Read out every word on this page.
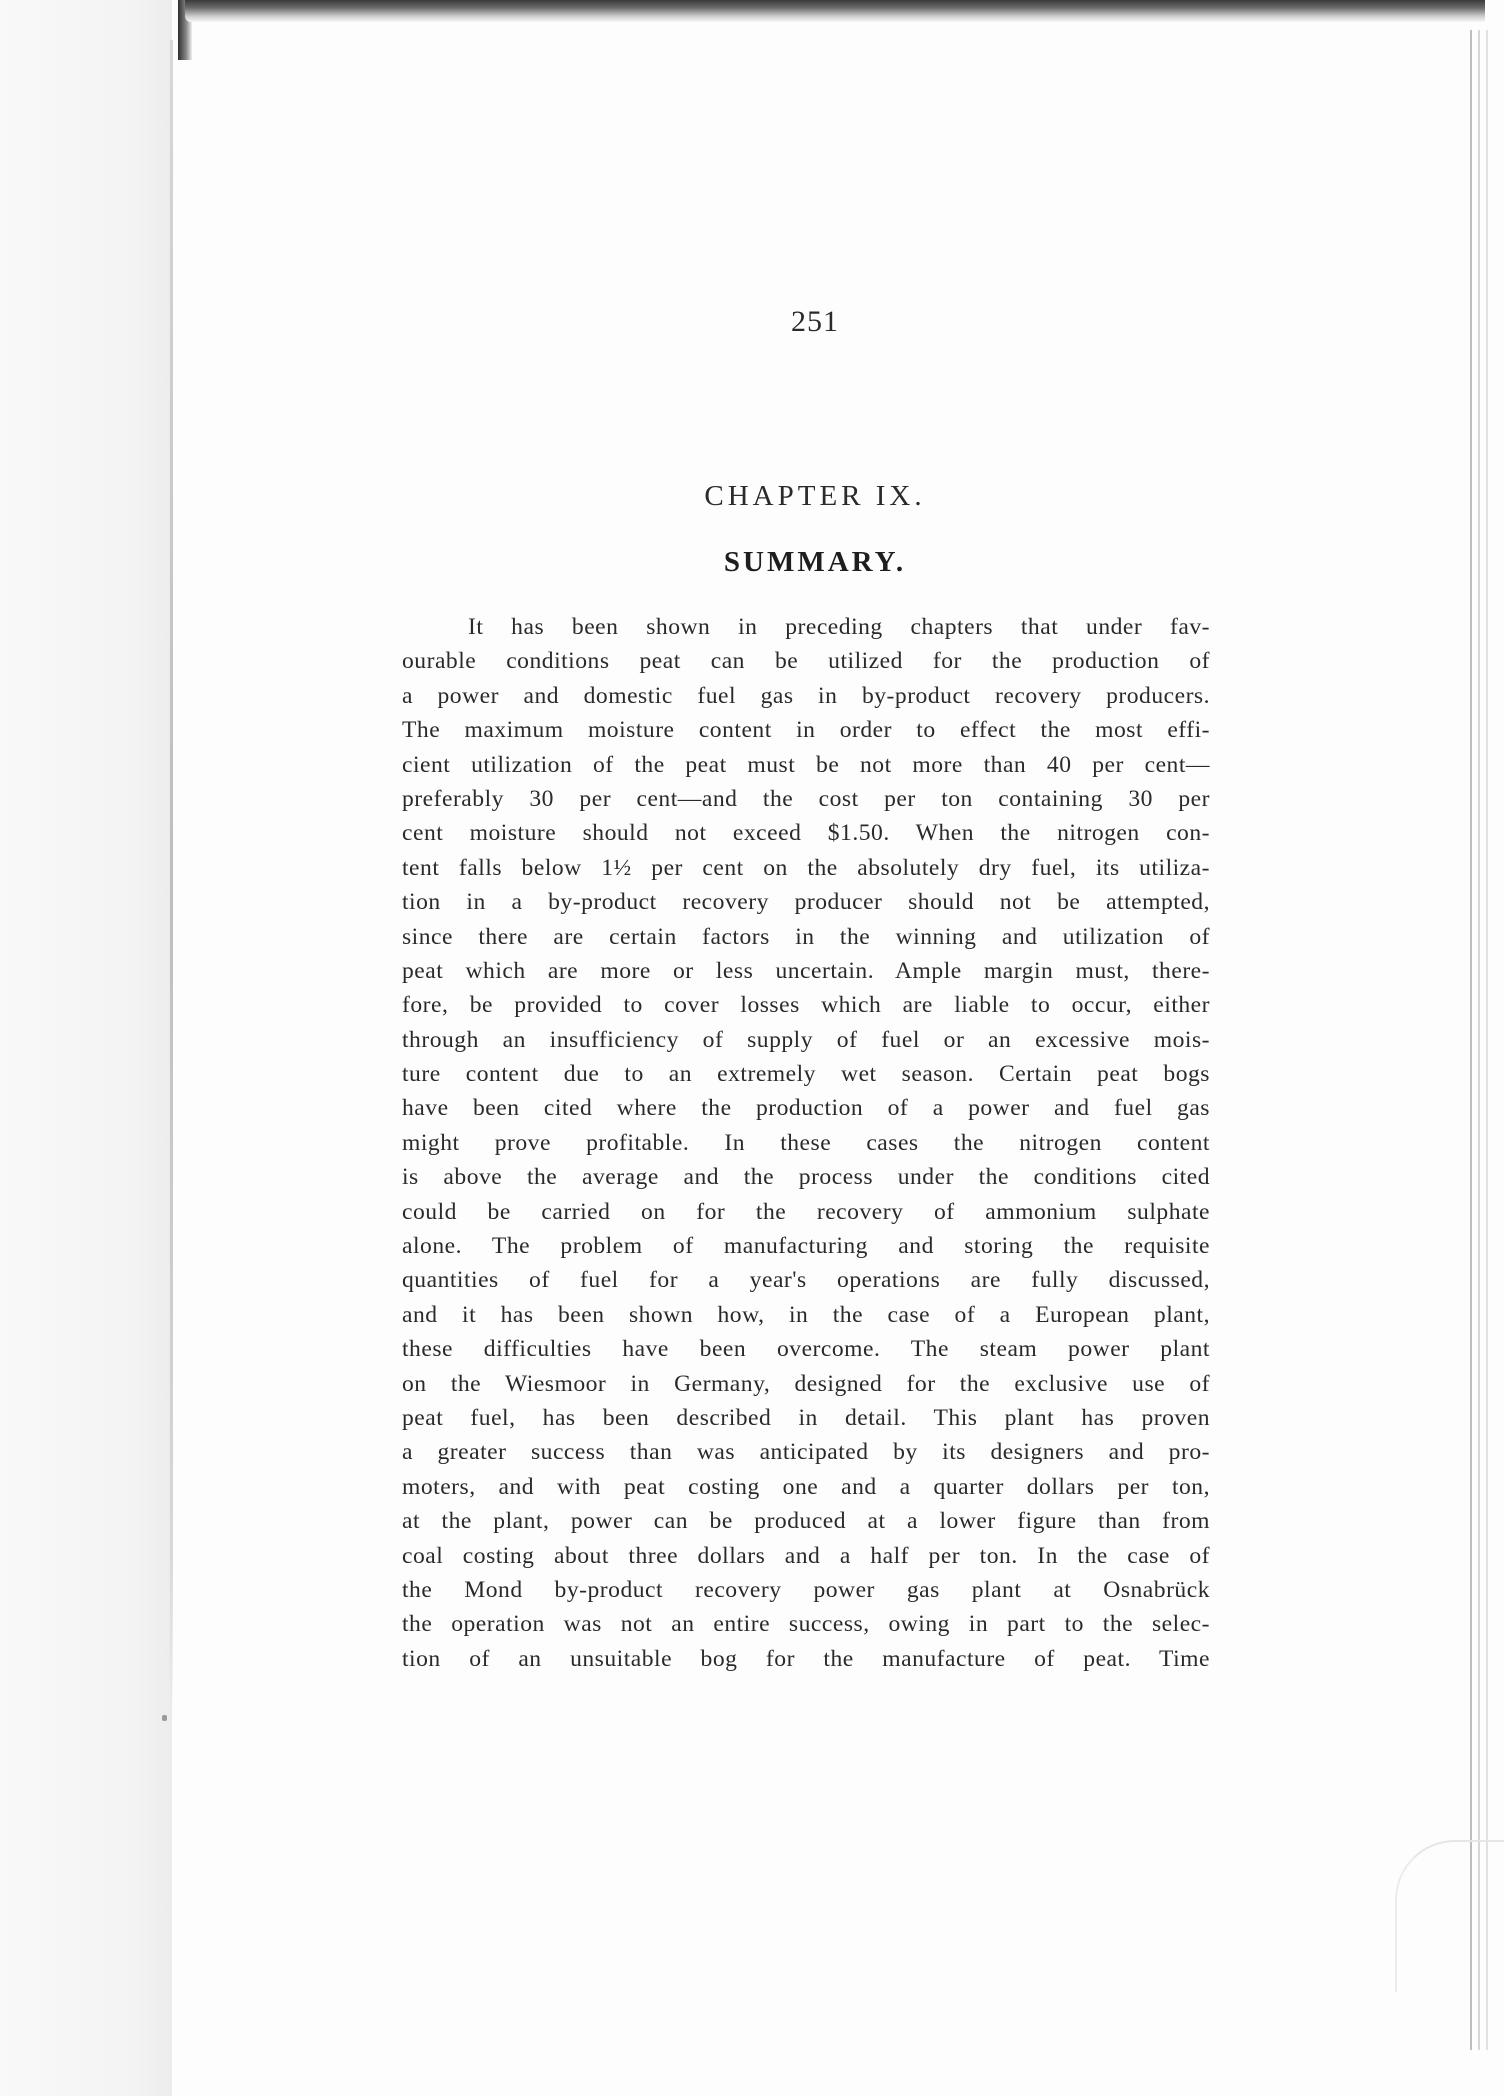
251
CHAPTER IX.
SUMMARY.
It has been shown in preceding chapters that under fav-
ourable conditions peat can be utilized for the production of
a power and domestic fuel gas in by-product recovery producers.
The maximum moisture content in order to effect the most effi-
cient utilization of the peat must be not more than 40 per cent—
preferably 30 per cent—and the cost per ton containing 30 per
cent moisture should not exceed $1.50. When the nitrogen con-
tent falls below 1½ per cent on the absolutely dry fuel, its utiliza-
tion in a by-product recovery producer should not be attempted,
since there are certain factors in the winning and utilization of
peat which are more or less uncertain. Ample margin must, there-
fore, be provided to cover losses which are liable to occur, either
through an insufficiency of supply of fuel or an excessive mois-
ture content due to an extremely wet season. Certain peat bogs
have been cited where the production of a power and fuel gas
might prove profitable. In these cases the nitrogen content
is above the average and the process under the conditions cited
could be carried on for the recovery of ammonium sulphate
alone. The problem of manufacturing and storing the requisite
quantities of fuel for a year's operations are fully discussed,
and it has been shown how, in the case of a European plant,
these difficulties have been overcome. The steam power plant
on the Wiesmoor in Germany, designed for the exclusive use of
peat fuel, has been described in detail. This plant has proven
a greater success than was anticipated by its designers and pro-
moters, and with peat costing one and a quarter dollars per ton,
at the plant, power can be produced at a lower figure than from
coal costing about three dollars and a half per ton. In the case of
the Mond by-product recovery power gas plant at Osnabrück
the operation was not an entire success, owing in part to the selec-
tion of an unsuitable bog for the manufacture of peat. Time
